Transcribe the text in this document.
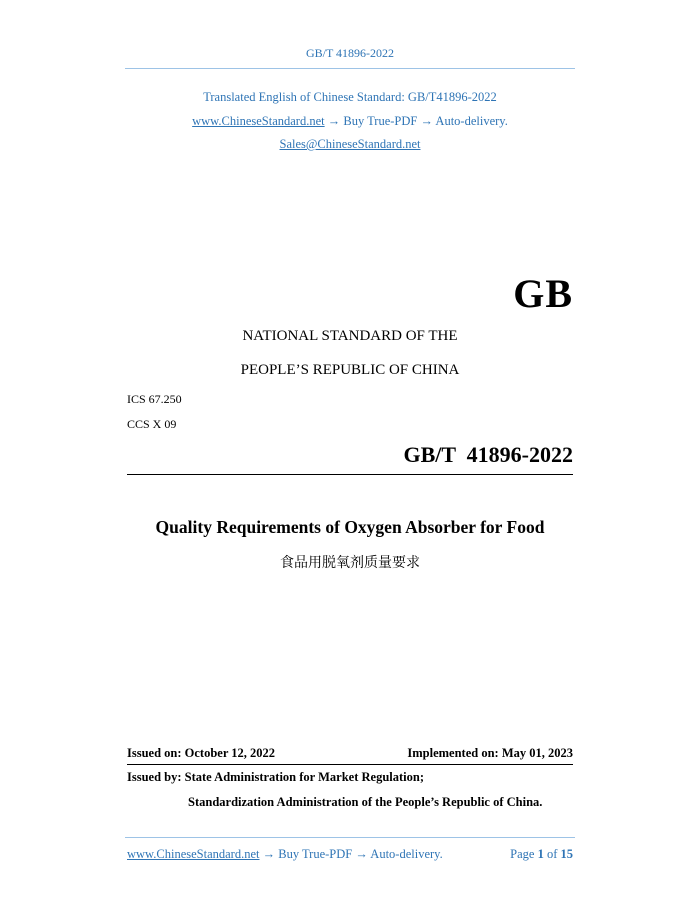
GB/T 41896-2022
Translated English of Chinese Standard: GB/T41896-2022
www.ChineseStandard.net → Buy True-PDF → Auto-delivery.
Sales@ChineseStandard.net
GB
NATIONAL STANDARD OF THE
PEOPLE’S REPUBLIC OF CHINA
ICS 67.250
CCS X 09
GB/T  41896-2022
Quality Requirements of Oxygen Absorber for Food
食品用脱氧剂质量要求
Issued on: October 12, 2022	Implemented on: May 01, 2023
Issued by: State Administration for Market Regulation;
Standardization Administration of the People’s Republic of China.
www.ChineseStandard.net → Buy True-PDF → Auto-delivery.	Page 1 of 15
